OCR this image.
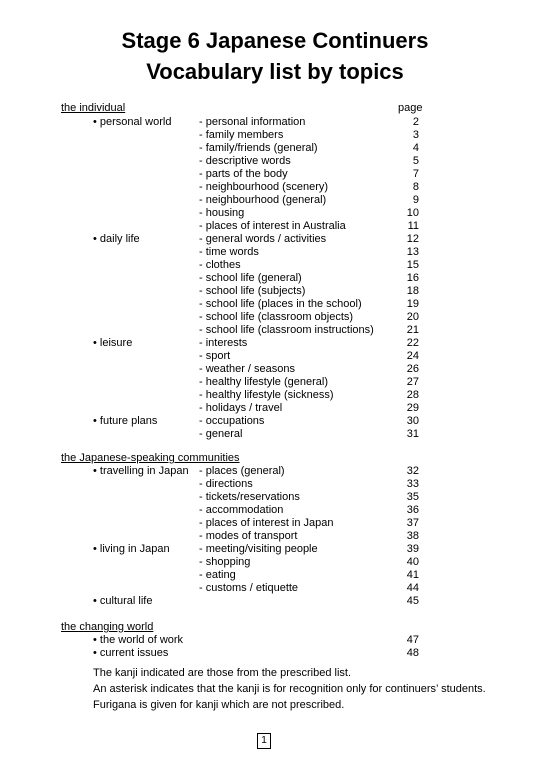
Stage 6 Japanese Continuers
Vocabulary list by topics
page
the individual
• personal world	- personal information	2
- family members	3
- family/friends (general)	4
- descriptive words	5
- parts of the body	7
- neighbourhood (scenery)	8
- neighbourhood (general)	9
- housing	10
- places of interest in Australia	11
• daily life	- general words / activities	12
- time words	13
- clothes	15
- school life (general)	16
- school life (subjects)	18
- school life (places in the school)	19
- school life (classroom objects)	20
- school life (classroom instructions)	21
• leisure	- interests	22
- sport	24
- weather / seasons	26
- healthy lifestyle (general)	27
- healthy lifestyle (sickness)	28
- holidays / travel	29
• future plans	- occupations	30
- general	31
the Japanese-speaking communities
• travelling in Japan - places (general)	32
- directions	33
- tickets/reservations	35
- accommodation	36
- places of interest in Japan	37
- modes of transport	38
• living in Japan	- meeting/visiting people	39
- shopping	40
- eating	41
- customs / etiquette	44
• cultural life	45
the changing world
• the world of work	47
• current issues	48
The kanji indicated are those from the prescribed list.
An asterisk indicates that the kanji is for recognition only for continuers’ students.
Furigana is given for kanji which are not prescribed.
1
